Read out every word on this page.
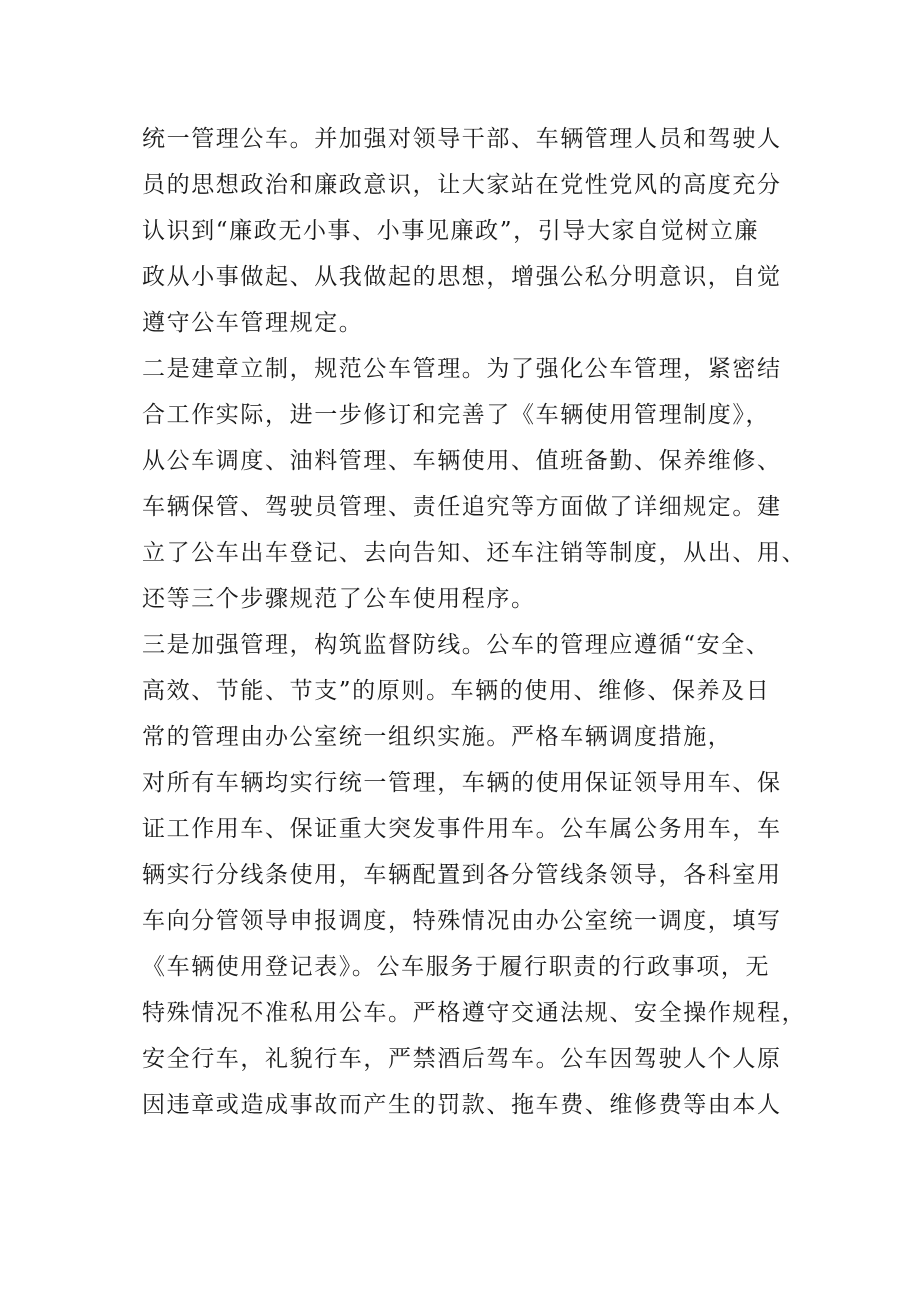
统一管理公车。并加强对领导干部、车辆管理人员和驾驶人
员的思想政治和廉政意识，让大家站在党性党风的高度充分
认识到“廉政无小事、小事见廉政”，引导大家自觉树立廉
政从小事做起、从我做起的思想，增强公私分明意识，自觉
遵守公车管理规定。
二是建章立制，规范公车管理。为了强化公车管理，紧密结
合工作实际，进一步修订和完善了《车辆使用管理制度》，
从公车调度、油料管理、车辆使用、值班备勤、保养维修、
车辆保管、驾驶员管理、责任追究等方面做了详细规定。建
立了公车出车登记、去向告知、还车注销等制度，从出、用、
还等三个步骤规范了公车使用程序。
三是加强管理，构筑监督防线。公车的管理应遵循“安全、
高效、节能、节支”的原则。车辆的使用、维修、保养及日
常的管理由办公室统一组织实施。严格车辆调度措施，
对所有车辆均实行统一管理，车辆的使用保证领导用车、保
证工作用车、保证重大突发事件用车。公车属公务用车，车
辆实行分线条使用，车辆配置到各分管线条领导，各科室用
车向分管领导申报调度，特殊情况由办公室统一调度，填写
《车辆使用登记表》。公车服务于履行职责的行政事项，无
特殊情况不准私用公车。严格遵守交通法规、安全操作规程，
安全行车，礼貌行车，严禁酒后驾车。公车因驾驶人个人原
因违章或造成事故而产生的罚款、拖车费、维修费等由本人
